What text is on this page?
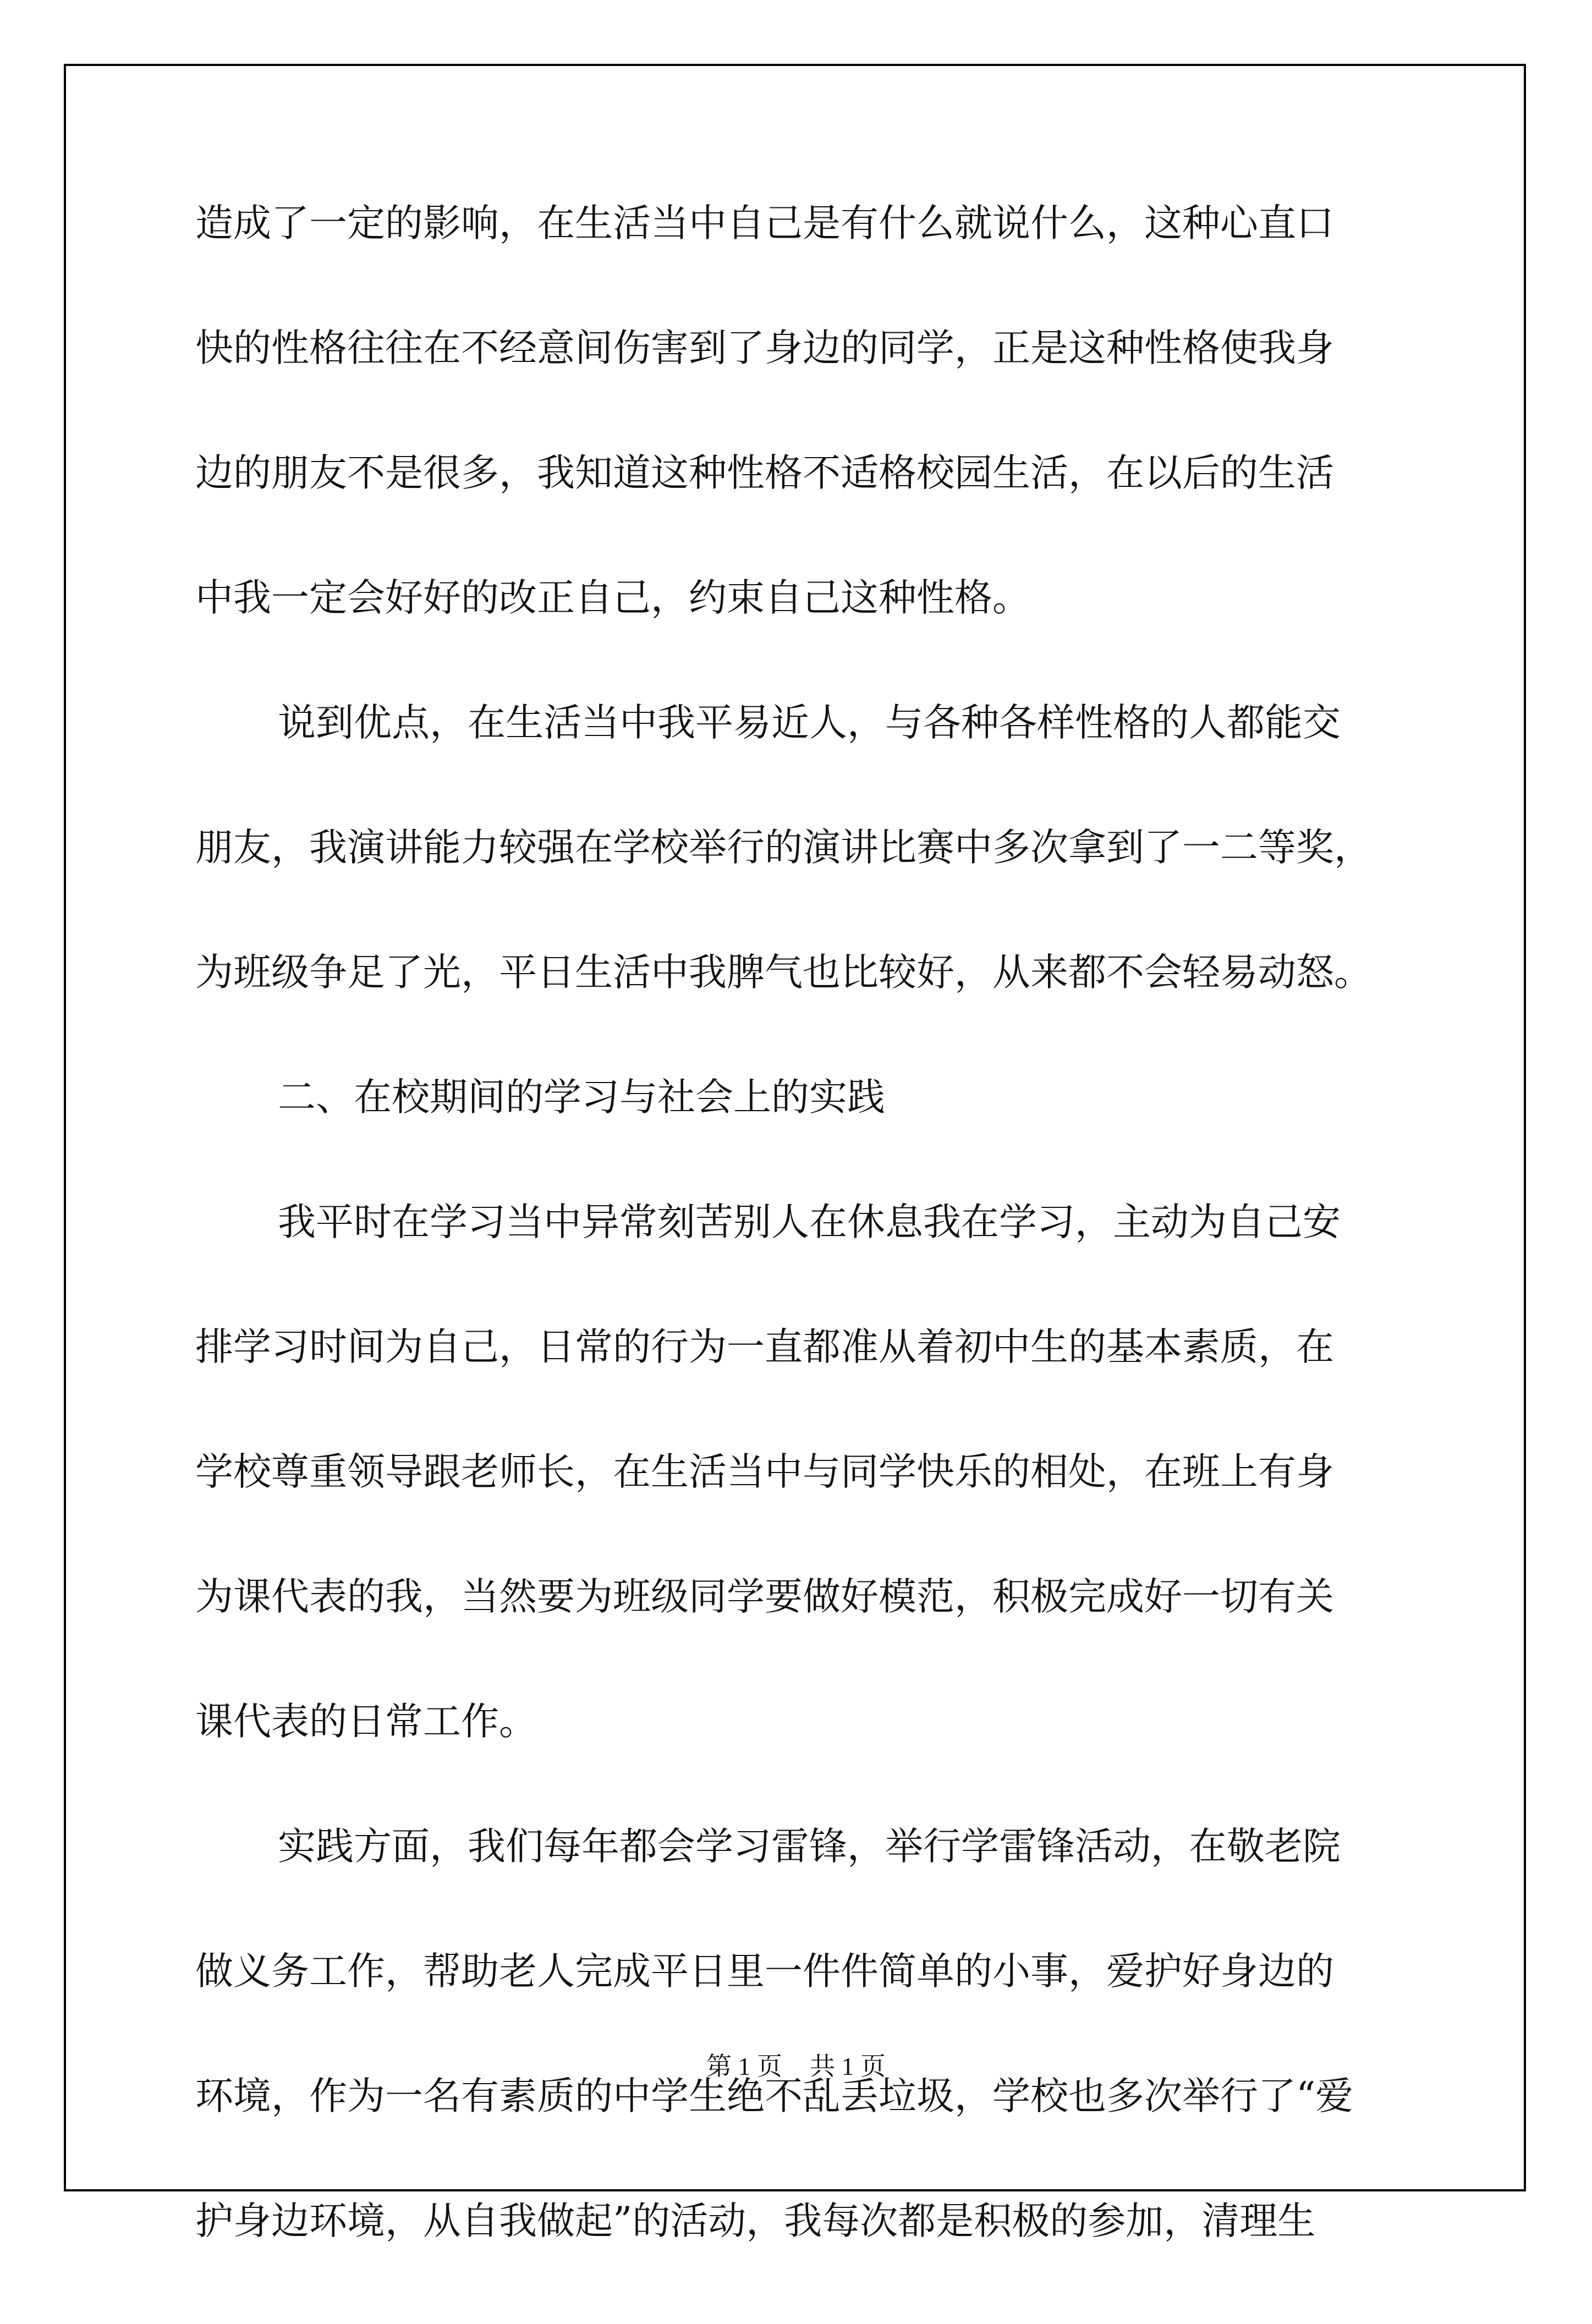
造成了一定的影响，在生活当中自己是有什么就说什么，这种心直口
快的性格往往在不经意间伤害到了身边的同学，正是这种性格使我身
边的朋友不是很多，我知道这种性格不适格校园生活，在以后的生活
中我一定会好好的改正自己，约束自己这种性格。
说到优点，在生活当中我平易近人，与各种各样性格的人都能交
朋友，我演讲能力较强在学校举行的演讲比赛中多次拿到了一二等奖，
为班级争足了光，平日生活中我脾气也比较好，从来都不会轻易动怒。
二、在校期间的学习与社会上的实践
我平时在学习当中异常刻苦别人在休息我在学习，主动为自己安
排学习时间为自己，日常的行为一直都准从着初中生的基本素质，在
学校尊重领导跟老师长，在生活当中与同学快乐的相处，在班上有身
为课代表的我，当然要为班级同学要做好模范，积极完成好一切有关
课代表的日常工作。
实践方面，我们每年都会学习雷锋，举行学雷锋活动，在敬老院
做义务工作，帮助老人完成平日里一件件简单的小事，爱护好身边的
环境，作为一名有素质的中学生绝不乱丢垃圾，学校也多次举行了“爱
护身边环境，从自我做起”的活动，我每次都是积极的参加，清理生
第 1 页 共 1 页
